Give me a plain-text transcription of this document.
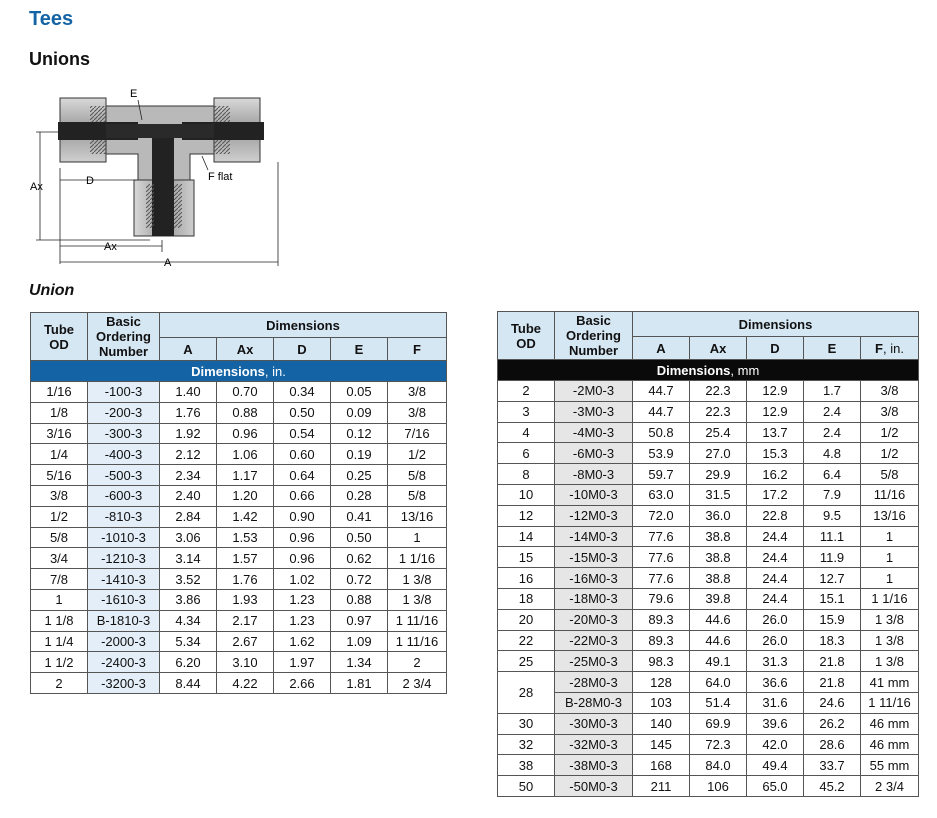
Tees
Unions
E
D
Ax
F flat
Ax
A
Union
Tube
OD	Basic
Ordering
Number	Dimensions				
		A	Ax	D	E	F
Dimensions, in.						
1/16	-100-3	1.40	0.70	0.34	0.05	3/8
1/8	-200-3	1.76	0.88	0.50	0.09	3/8
3/16	-300-3	1.92	0.96	0.54	0.12	7/16
1/4	-400-3	2.12	1.06	0.60	0.19	1/2
5/16	-500-3	2.34	1.17	0.64	0.25	5/8
3/8	-600-3	2.40	1.20	0.66	0.28	5/8
1/2	-810-3	2.84	1.42	0.90	0.41	13/16
5/8	-1010-3	3.06	1.53	0.96	0.50	1
3/4	-1210-3	3.14	1.57	0.96	0.62	1 1/16
7/8	-1410-3	3.52	1.76	1.02	0.72	1 3/8
1	-1610-3	3.86	1.93	1.23	0.88	1 3/8
1 1/8	B-1810-3	4.34	2.17	1.23	0.97	1 11/16
1 1/4	-2000-3	5.34	2.67	1.62	1.09	1 11/16
1 1/2	-2400-3	6.20	3.10	1.97	1.34	2
2	-3200-3	8.44	4.22	2.66	1.81	2 3/4
Tube
OD	Basic
Ordering
Number	Dimensions				
		A	Ax	D	E	F, in.
Dimensions, mm						
2	-2M0-3	44.7	22.3	12.9	1.7	3/8
3	-3M0-3	44.7	22.3	12.9	2.4	3/8
4	-4M0-3	50.8	25.4	13.7	2.4	1/2
6	-6M0-3	53.9	27.0	15.3	4.8	1/2
8	-8M0-3	59.7	29.9	16.2	6.4	5/8
10	-10M0-3	63.0	31.5	17.2	7.9	11/16
12	-12M0-3	72.0	36.0	22.8	9.5	13/16
14	-14M0-3	77.6	38.8	24.4	11.1	1
15	-15M0-3	77.6	38.8	24.4	11.9	1
16	-16M0-3	77.6	38.8	24.4	12.7	1
18	-18M0-3	79.6	39.8	24.4	15.1	1 1/16
20	-20M0-3	89.3	44.6	26.0	15.9	1 3/8
22	-22M0-3	89.3	44.6	26.0	18.3	1 3/8
25	-25M0-3	98.3	49.1	31.3	21.8	1 3/8
28	-28M0-3	128	64.0	36.6	21.8	41 mm
	B-28M0-3	103	51.4	31.6	24.6	1 11/16
30	-30M0-3	140	69.9	39.6	26.2	46 mm
32	-32M0-3	145	72.3	42.0	28.6	46 mm
38	-38M0-3	168	84.0	49.4	33.7	55 mm
50	-50M0-3	211	106	65.0	45.2	2 3/4
